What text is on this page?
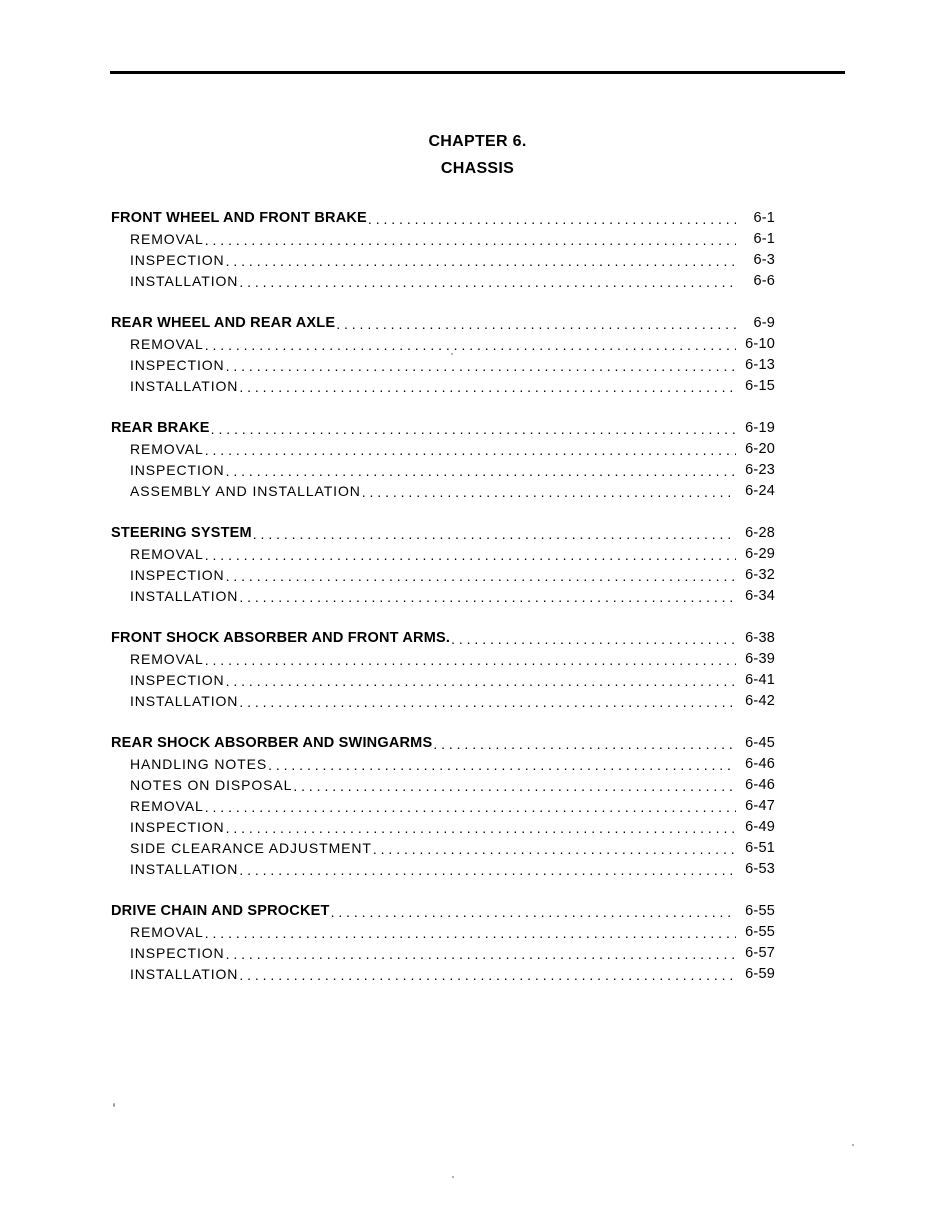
CHAPTER 6.
CHASSIS
FRONT WHEEL AND FRONT BRAKE . . .	6-1
REMOVAL . . .	6-1
INSPECTION . . .	6-3
INSTALLATION . . .	6-6
REAR WHEEL AND REAR AXLE . . .	6-9
REMOVAL . . .	6-10
INSPECTION . . .	6-13
INSTALLATION . . .	6-15
REAR BRAKE . . .	6-19
REMOVAL . . .	6-20
INSPECTION . . .	6-23
ASSEMBLY AND INSTALLATION . . .	6-24
STEERING SYSTEM . . .	6-28
REMOVAL . . .	6-29
INSPECTION . . .	6-32
INSTALLATION . . .	6-34
FRONT SHOCK ABSORBER AND FRONT ARMS. . . .	6-38
REMOVAL . . .	6-39
INSPECTION . . .	6-41
INSTALLATION . . .	6-42
REAR SHOCK ABSORBER AND SWINGARMS . . .	6-45
HANDLING NOTES . . .	6-46
NOTES ON DISPOSAL . . .	6-46
REMOVAL . . .	6-47
INSPECTION . . .	6-49
SIDE CLEARANCE ADJUSTMENT . . .	6-51
INSTALLATION . . .	6-53
DRIVE CHAIN AND SPROCKET . . .	6-55
REMOVAL . . .	6-55
INSPECTION . . .	6-57
INSTALLATION . . .	6-59
